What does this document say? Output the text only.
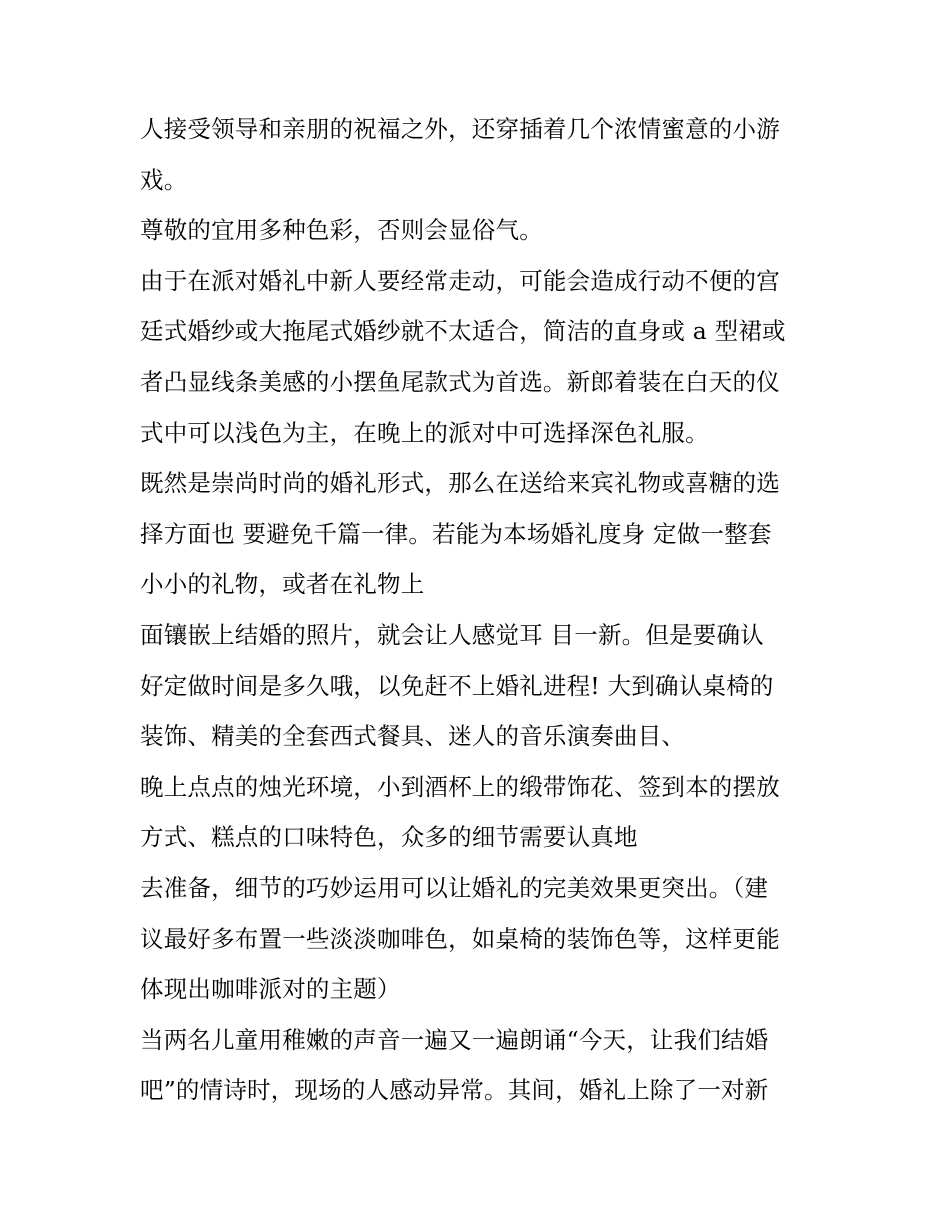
人接受领导和亲朋的祝福之外，还穿插着几个浓情蜜意的小游
戏。
尊敬的宜用多种色彩，否则会显俗气。
由于在派对婚礼中新人要经常走动，可能会造成行动不便的宫
廷式婚纱或大拖尾式婚纱就不太适合，简洁的直身或 a 型裙或
者凸显线条美感的小摆鱼尾款式为首选。新郎着装在白天的仪
式中可以浅色为主，在晚上的派对中可选择深色礼服。
既然是崇尚时尚的婚礼形式，那么在送给来宾礼物或喜糖的选
择方面也 要避免千篇一律。若能为本场婚礼度身 定做一整套
小小的礼物，或者在礼物上
面镶嵌上结婚的照片，就会让人感觉耳 目一新。但是要确认
好定做时间是多久哦，以免赶不上婚礼进程! 大到确认桌椅的
装饰、精美的全套西式餐具、迷人的音乐演奏曲目、
晚上点点的烛光环境，小到酒杯上的缎带饰花、签到本的摆放
方式、糕点的口味特色，众多的细节需要认真地
去准备，细节的巧妙运用可以让婚礼的完美效果更突出。（建
议最好多布置一些淡淡咖啡色，如桌椅的装饰色等，这样更能
体现出咖啡派对的主题）
当两名儿童用稚嫩的声音一遍又一遍朗诵“今天，让我们结婚
吧”的情诗时，现场的人感动异常。其间，婚礼上除了一对新
